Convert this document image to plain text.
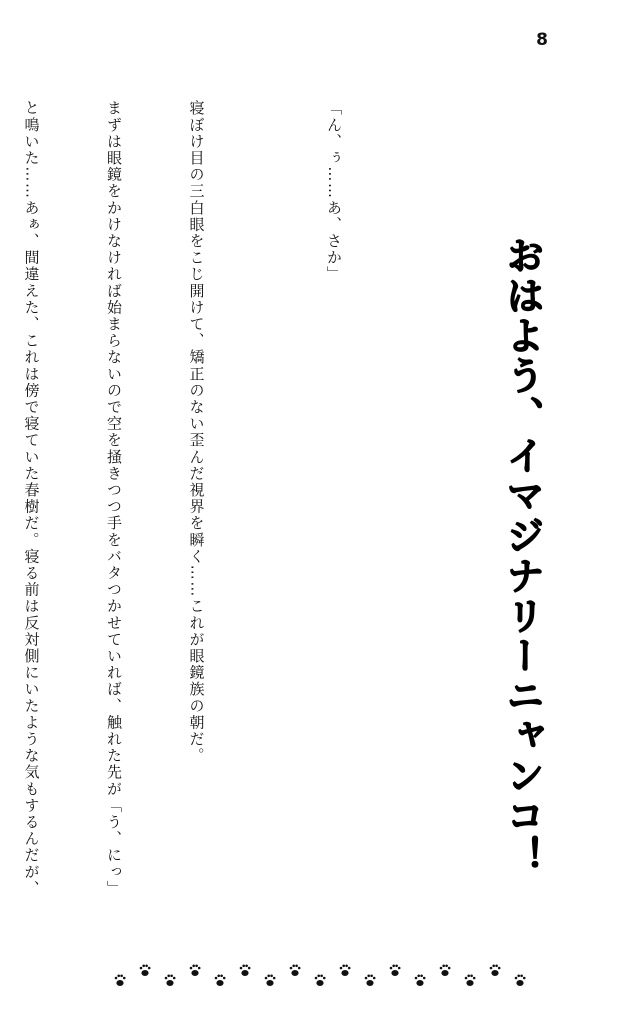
8
おはよう、イマジナリーニャンコ！

「ん、ぅ……あ、さか」

寝ぼけ目の三白眼をこじ開けて、矯正のない歪んだ視界を瞬く……これが眼鏡族の朝だ。

まずは眼鏡をかけなければ始まらないので空を掻きつつ手をバタつかせていれば、触れた先が「う、にっ」

と鳴いた……あぁ、間違えた、これは傍で寝ていた春樹だ。寝る前は反対側にいたような気もするんだが、
